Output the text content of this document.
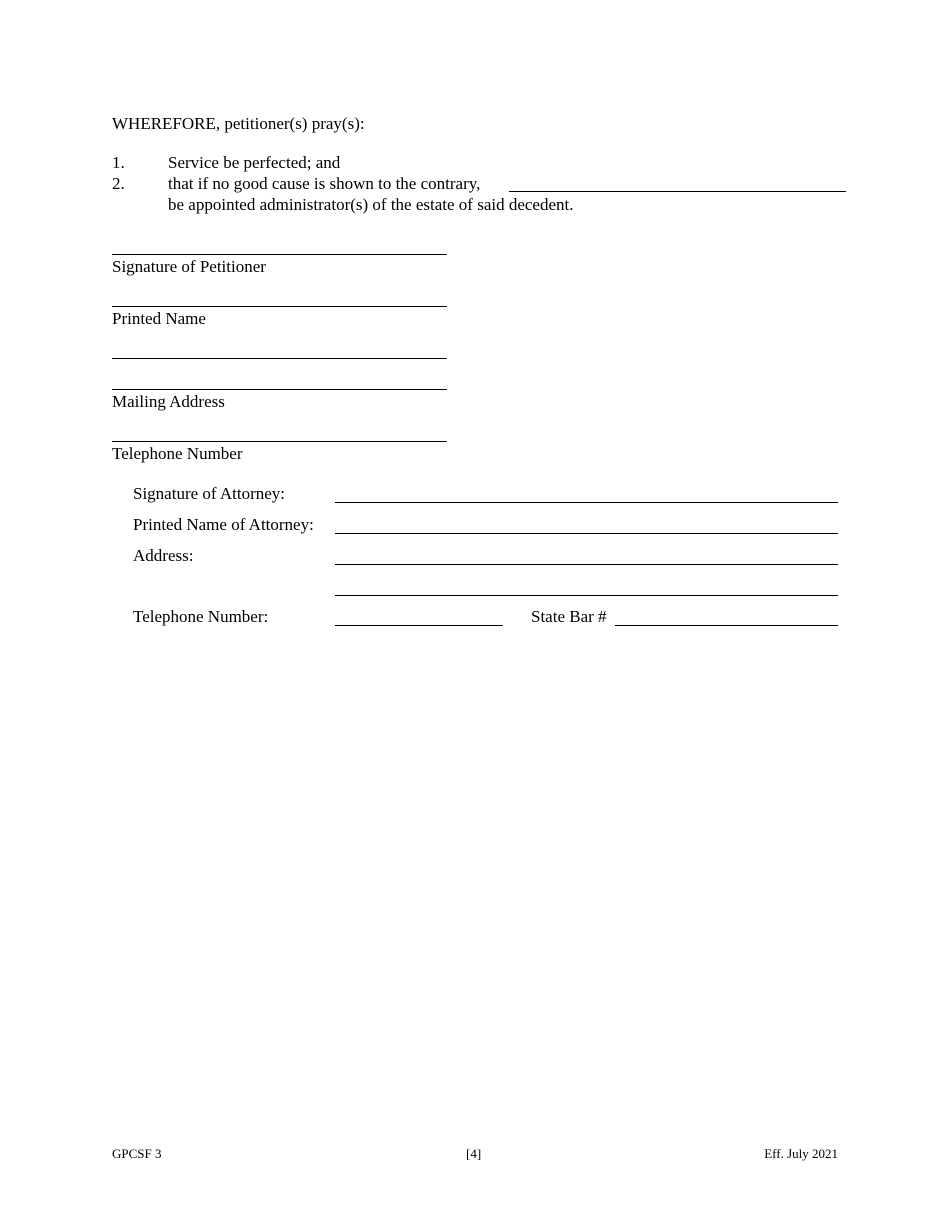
WHEREFORE, petitioner(s) pray(s):
1.	Service be perfected; and
2.	that if no good cause is shown to the contrary,
be appointed administrator(s) of the estate of said decedent.
Signature of Petitioner
Printed Name
Mailing Address
Telephone Number
Signature of Attorney:
Printed Name of Attorney:
Address:
Telephone Number:	State Bar #
GPCSF 3	[4]	Eff. July 2021
